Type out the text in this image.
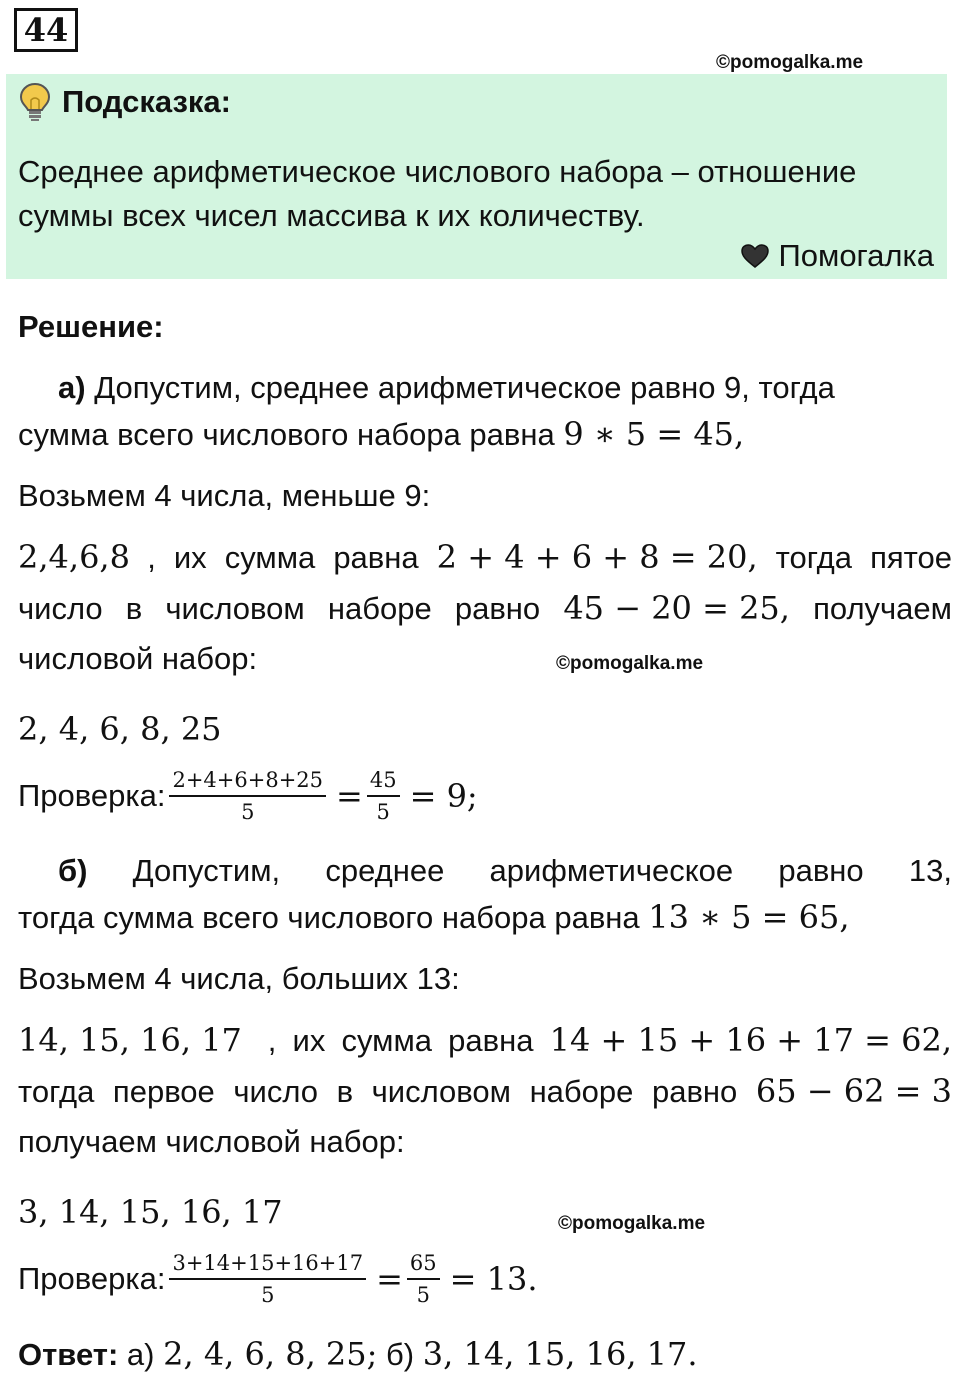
44
©pomogalka.me
Подсказка:
Среднее арифметическое числового набора – отношение суммы всех чисел массива к их количеству.
Помогалка
Решение:
а) Допустим, среднее арифметическое равно 9, тогда
сумма всего числового набора равна 9 ∗ 5 = 45,
Возьмем 4 числа, меньше 9:
2,4,6,8 , их сумма равна 2 + 4 + 6 + 8 = 20, тогда пятое
число в числовом наборе равно 45 − 20 = 25, получаем
числовой набор:	©pomogalka.me
2, 4, 6, 8, 25
Проверка: $\frac{2+4+6+8+25}{5} = \frac{45}{5} = 9$;
б) Допустим, среднее арифметическое равно 13,
тогда сумма всего числового набора равна 13 ∗ 5 = 65,
Возьмем 4 числа, больших 13:
14, 15, 16, 17 , их сумма равна 14 + 15 + 16 + 17 = 62,
тогда первое число в числовом наборе равно 65 − 62 = 3
получаем числовой набор:
3, 14, 15, 16, 17	©pomogalka.me
Проверка: $\frac{3+14+15+16+17}{5} = \frac{65}{5} = 13$.
Ответ: а) 2, 4, 6, 8, 25; б) 3, 14, 15, 16, 17.
